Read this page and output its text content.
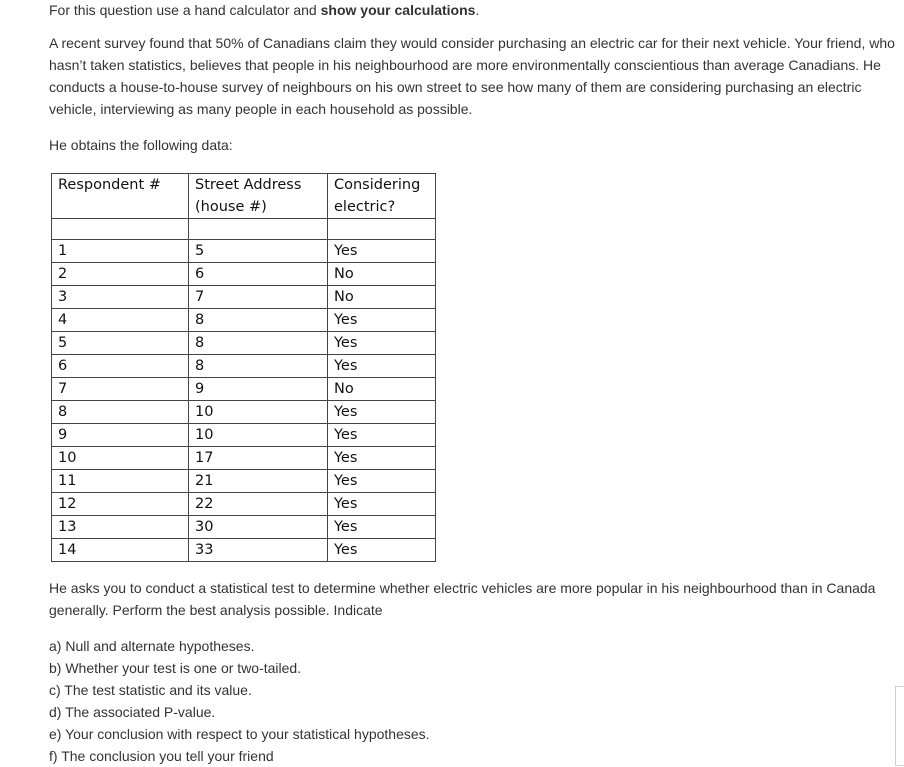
For this question use a hand calculator and show your calculations.

A recent survey found that 50% of Canadians claim they would consider purchasing an electric car for their next vehicle. Your friend, who hasn’t taken statistics, believes that people in his neighbourhood are more environmentally conscientious than average Canadians. He conducts a house-to-house survey of neighbours on his own street to see how many of them are considering purchasing an electric vehicle, interviewing as many people in each household as possible.

He obtains the following data:

Respondent #	Street Address (house #)	Considering electric?

1	5	Yes
2	6	No
3	7	No
4	8	Yes
5	8	Yes
6	8	Yes
7	9	No
8	10	Yes
9	10	Yes
10	17	Yes
11	21	Yes
12	22	Yes
13	30	Yes
14	33	Yes

He asks you to conduct a statistical test to determine whether electric vehicles are more popular in his neighbourhood than in Canada generally. Perform the best analysis possible. Indicate

a) Null and alternate hypotheses.
b) Whether your test is one or two-tailed.
c) The test statistic and its value.
d) The associated P-value.
e) Your conclusion with respect to your statistical hypotheses.
f) The conclusion you tell your friend
